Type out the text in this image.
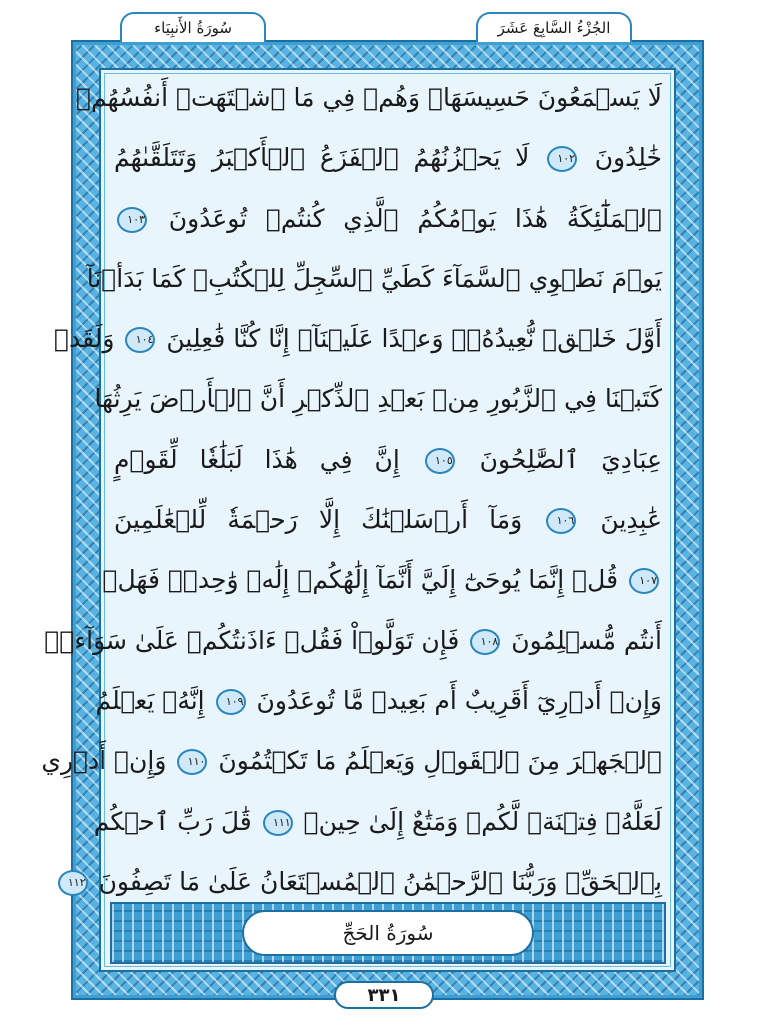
سُورَةُ الأَنبِيَاء	الجُزْءُ السَّابِعَ عَشَرَ
لَا يَسۡمَعُونَ حَسِيسَهَاۖ وَهُمۡ فِي مَا ٱشۡتَهَتۡ أَنفُسُهُمۡ
خَٰلِدُونَ ١٠٢ لَا يَحۡزُنُهُمُ ٱلۡفَزَعُ ٱلۡأَكۡبَرُ وَتَتَلَقَّىٰهُمُ
ٱلۡمَلَٰٓئِكَةُ هَٰذَا يَوۡمُكُمُ ٱلَّذِي كُنتُمۡ تُوعَدُونَ ١٠٣
يَوۡمَ نَطۡوِي ٱلسَّمَآءَ كَطَيِّ ٱلسِّجِلِّ لِلۡكُتُبِۚ كَمَا بَدَأۡنَآ
أَوَّلَ خَلۡقٖ نُّعِيدُهُۥۚ وَعۡدًا عَلَيۡنَآۚ إِنَّا كُنَّا فَٰعِلِينَ ١٠٤ وَلَقَدۡ
كَتَبۡنَا فِي ٱلزَّبُورِ مِنۢ بَعۡدِ ٱلذِّكۡرِ أَنَّ ٱلۡأَرۡضَ يَرِثُهَا
عِبَادِيَ ٱلصَّٰلِحُونَ ١٠٥ إِنَّ فِي هَٰذَا لَبَلَٰغٗا لِّقَوۡمٍ
عَٰبِدِينَ ١٠٦ وَمَآ أَرۡسَلۡنَٰكَ إِلَّا رَحۡمَةٗ لِّلۡعَٰلَمِينَ
١٠٧ قُلۡ إِنَّمَا يُوحَىٰٓ إِلَيَّ أَنَّمَآ إِلَٰهُكُمۡ إِلَٰهٞ وَٰحِدٞۖ فَهَلۡ
أَنتُم مُّسۡلِمُونَ ١٠٨ فَإِن تَوَلَّوۡاْ فَقُلۡ ءَاذَنتُكُمۡ عَلَىٰ سَوَآءٖۖ
وَإِنۡ أَدۡرِيٓ أَقَرِيبٌ أَم بَعِيدٞ مَّا تُوعَدُونَ ١٠٩ إِنَّهُۥ يَعۡلَمُ
ٱلۡجَهۡرَ مِنَ ٱلۡقَوۡلِ وَيَعۡلَمُ مَا تَكۡتُمُونَ ١١٠ وَإِنۡ أَدۡرِي
لَعَلَّهُۥ فِتۡنَةٞ لَّكُمۡ وَمَتَٰعٌ إِلَىٰ حِينٖ ١١١ قَٰلَ رَبِّ ٱحۡكُم
بِٱلۡحَقِّۗ وَرَبُّنَا ٱلرَّحۡمَٰنُ ٱلۡمُسۡتَعَانُ عَلَىٰ مَا تَصِفُونَ ١١٢
سُورَةُ الحَجِّ
٣٣١
